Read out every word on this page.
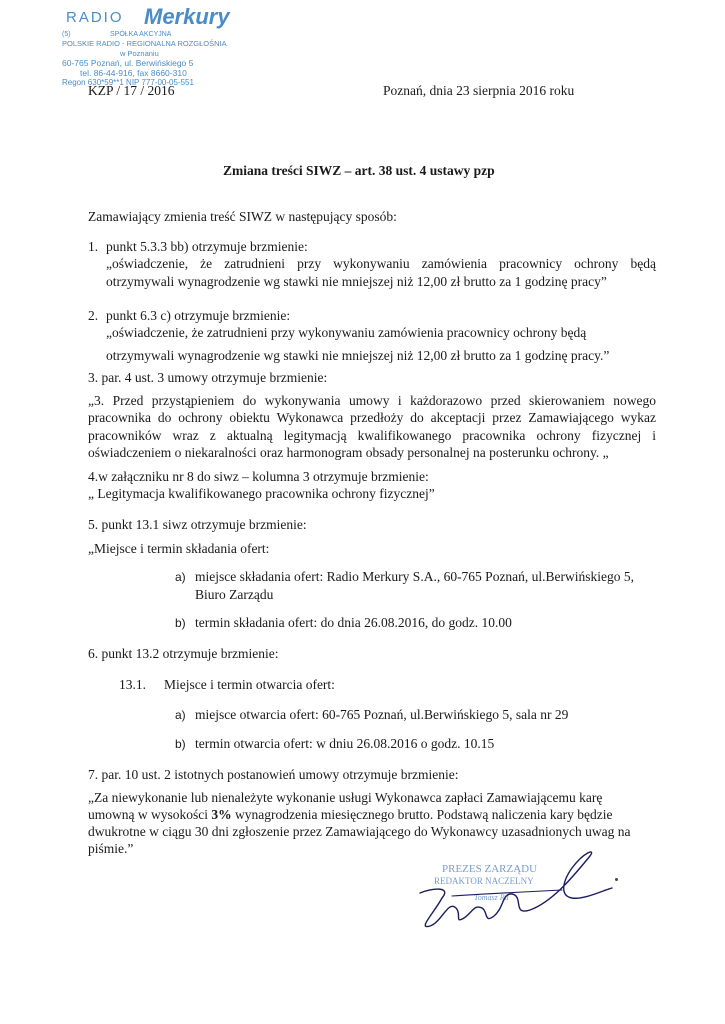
RADIO Merkury
(5)	SPÓŁKA AKCYJNA
POLSKIE RADIO - REGIONALNA ROZGŁOŚNIA
w Poznaniu
60-765 Poznań, ul. Berwińskiego 5
tel. 86-44-916, fax 8660-310
Regon 630*59**1 NIP 777-00-05-551
KZP / 17 / 2016	Poznań, dnia 23 sierpnia 2016 roku
Zmiana treści SIWZ – art. 38 ust. 4 ustawy pzp
Zamawiający zmienia treść SIWZ w następujący sposób:
1. punkt 5.3.3 bb) otrzymuje brzmienie:
„oświadczenie, że zatrudnieni przy wykonywaniu zamówienia pracownicy ochrony będą otrzymywali wynagrodzenie wg stawki nie mniejszej niż 12,00 zł brutto za 1 godzinę pracy”
2. punkt 6.3 c) otrzymuje brzmienie:
„oświadczenie, że zatrudnieni przy wykonywaniu zamówienia pracownicy ochrony będą
otrzymywali wynagrodzenie wg stawki nie mniejszej niż 12,00 zł brutto za 1 godzinę pracy.”
3. par. 4 ust. 3 umowy otrzymuje brzmienie:
„3. Przed przystąpieniem do wykonywania umowy i każdorazowo przed skierowaniem nowego pracownika do ochrony obiektu Wykonawca przedłoży do akceptacji przez Zamawiającego wykaz pracowników wraz z aktualną legitymacją kwalifikowanego pracownika ochrony fizycznej i oświadczeniem o niekaralności oraz harmonogram obsady personalnej na posterunku ochrony. „
4.w załączniku nr 8 do siwz – kolumna 3 otrzymuje brzmienie:
„ Legitymacja kwalifikowanego pracownika ochrony fizycznej”
5. punkt 13.1 siwz otrzymuje brzmienie:
„Miejsce i termin składania ofert:
a) miejsce składania ofert: Radio Merkury S.A., 60-765 Poznań, ul.Berwińskiego 5, Biuro Zarządu
b) termin składania ofert: do dnia 26.08.2016, do godz. 10.00
6. punkt 13.2 otrzymuje brzmienie:
13.1. Miejsce i termin otwarcia ofert:
a) miejsce otwarcia ofert: 60-765 Poznań, ul.Berwińskiego 5, sala nr 29
b) termin otwarcia ofert: w dniu 26.08.2016 o godz. 10.15
7. par. 10 ust. 2 istotnych postanowień umowy otrzymuje brzmienie:
„Za niewykonanie lub nienależyte wykonanie usługi Wykonawca zapłaci Zamawiającemu karę umowną w wysokości 3% wynagrodzenia miesięcznego brutto. Podstawą naliczenia kary będzie dwukrotne w ciągu 30 dni zgłoszenie przez Zamawiającego do Wykonawcy uzasadnionych uwag na piśmie.”
PREZES ZARZĄDU
REDAKTOR NACZELNY
Tomasz Rd
